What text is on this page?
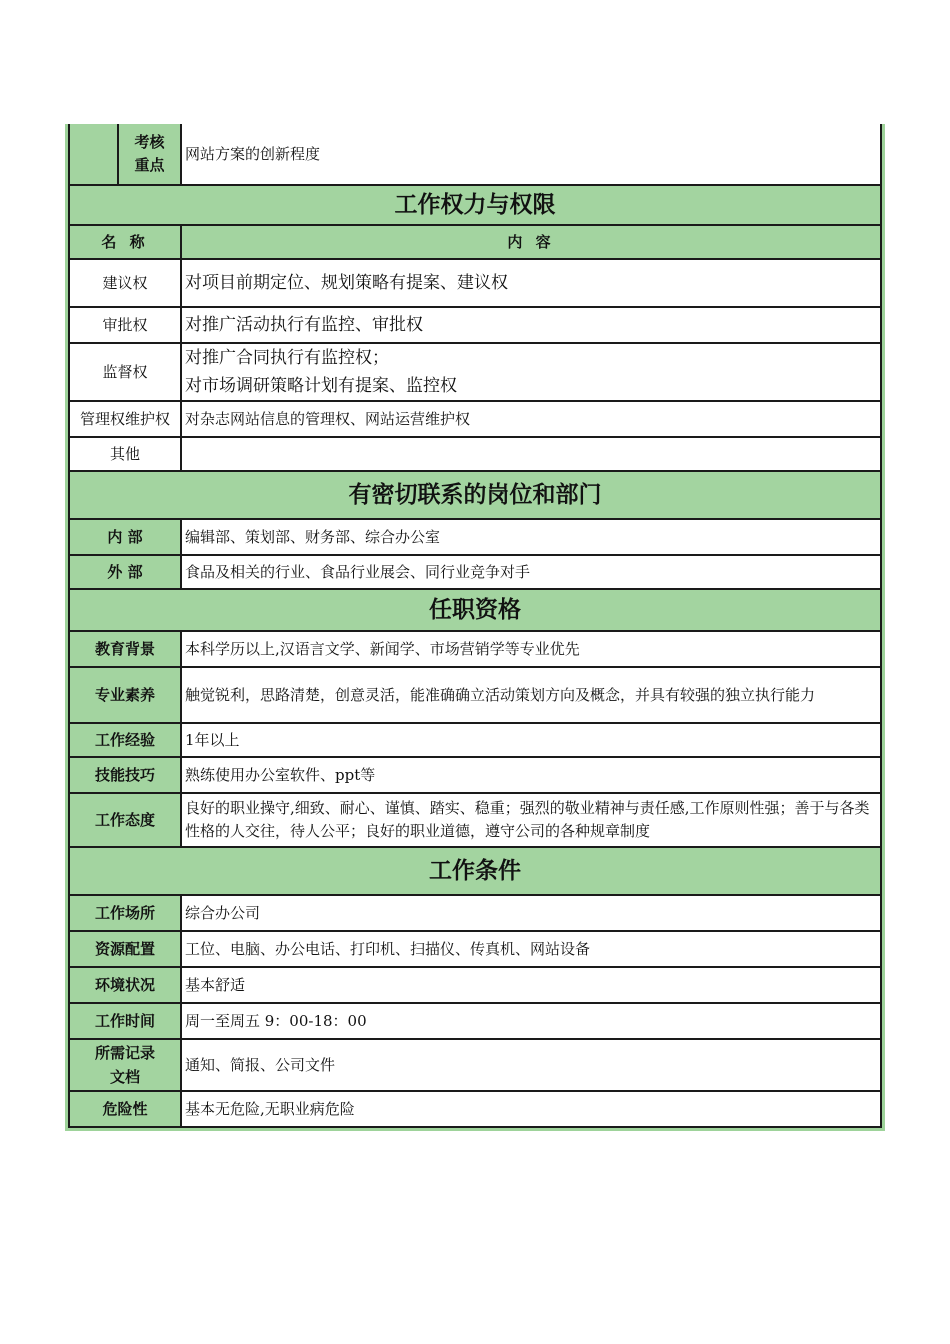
考核
重点	网站方案的创新程度
工作权力与权限	
名 称	内 容
建议权	对项目前期定位、规划策略有提案、建议权
审批权	对推广活动执行有监控、审批权
监督权	对推广合同执行有监控权；
对市场调研策略计划有提案、监控权

管理权维护权	对杂志网站信息的管理权、网站运营维护权
其他	
有密切联系的岗位和部门	
内 部	编辑部、策划部、财务部、综合办公室
外 部	食品及相关的行业、食品行业展会、同行业竞争对手
任职资格	
教育背景	本科学历以上,汉语言文学、新闻学、市场营销学等专业优先
专业素养	触觉锐利，思路清楚，创意灵活，能准确确立活动策划方向及概念，并具有较强的独立执行能力
工作经验	1年以上
技能技巧	熟练使用办公室软件、ppt等
工作态度	良好的职业操守,细致、耐心、谨慎、踏实、稳重；强烈的敬业精神与责任感,工作原则性强；善于与各类性格的人交往，待人公平；良好的职业道德，遵守公司的各种规章制度
工作条件	
工作场所	综合办公司
资源配置	工位、电脑、办公电话、打印机、扫描仪、传真机、网站设备
环境状况	基本舒适
工作时间	周一至周五 9：00-18：00
所需记录文档	通知、简报、公司文件
危险性	基本无危险,无职业病危险
